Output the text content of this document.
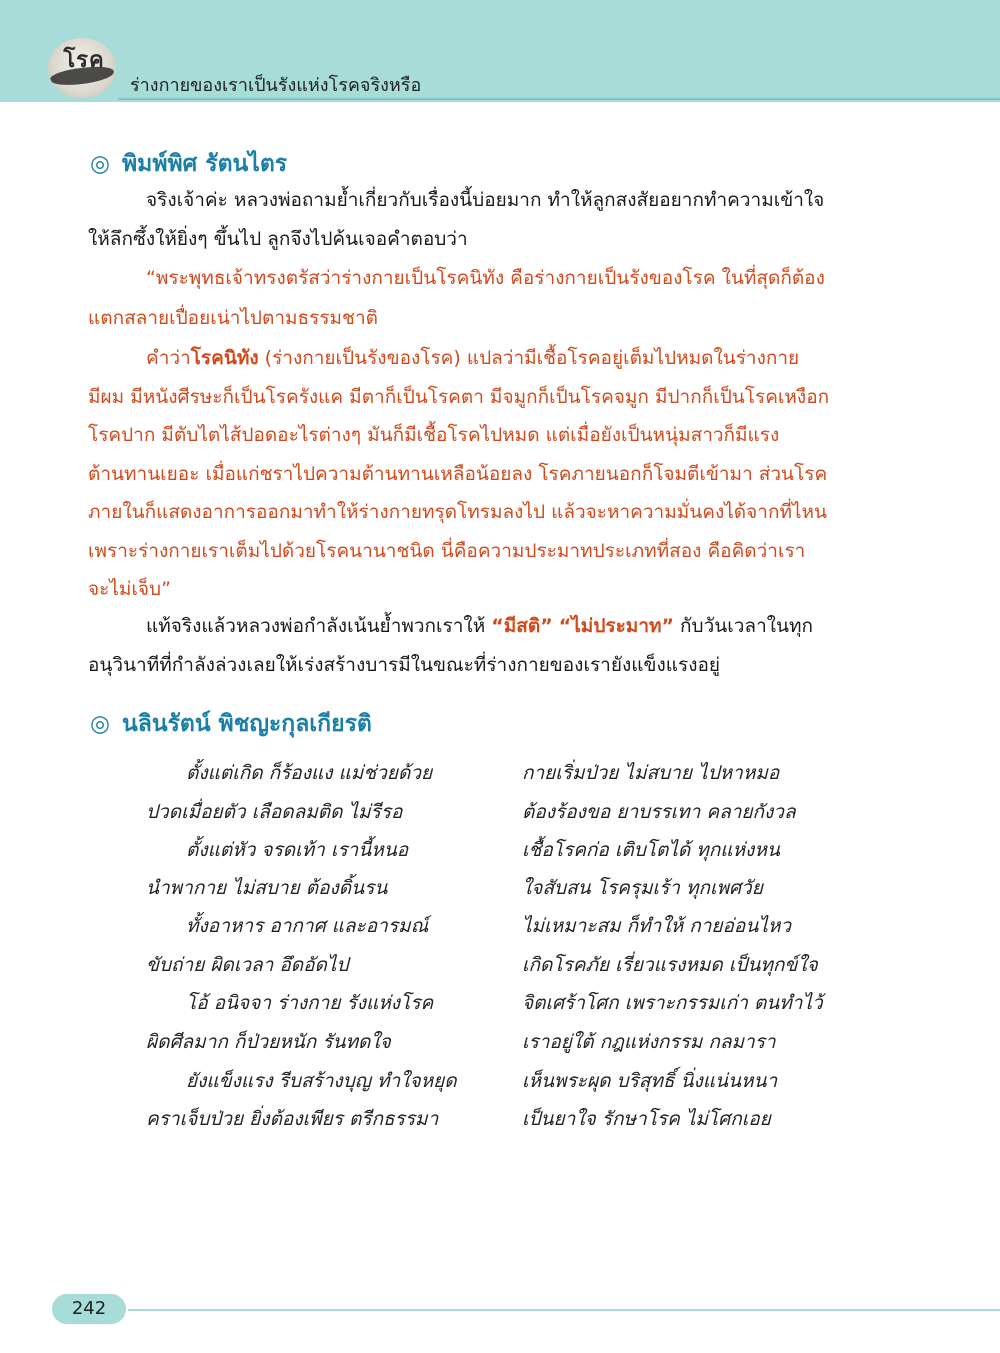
โรค
ร่างกายของเราเป็นรังแห่งโรคจริงหรือ
◎ พิมพ์พิศ รัตนไตร
จริงเจ้าค่ะ หลวงพ่อถามย้ำเกี่ยวกับเรื่องนี้บ่อยมาก ทำให้ลูกสงสัยอยากทำความเข้าใจ
ให้ลึกซึ้งให้ยิ่งๆ ขึ้นไป ลูกจึงไปค้นเจอคำตอบว่า
“พระพุทธเจ้าทรงตรัสว่าร่างกายเป็นโรคนิทัง คือร่างกายเป็นรังของโรค ในที่สุดก็ต้อง
แตกสลายเปื่อยเน่าไปตามธรรมชาติ
คำว่าโรคนิทัง (ร่างกายเป็นรังของโรค) แปลว่ามีเชื้อโรคอยู่เต็มไปหมดในร่างกาย
มีผม มีหนังศีรษะก็เป็นโรครังแค มีตาก็เป็นโรคตา มีจมูกก็เป็นโรคจมูก มีปากก็เป็นโรคเหงือก
โรคปาก มีตับไตไส้ปอดอะไรต่างๆ มันก็มีเชื้อโรคไปหมด แต่เมื่อยังเป็นหนุ่มสาวก็มีแรง
ต้านทานเยอะ เมื่อแก่ชราไปความต้านทานเหลือน้อยลง โรคภายนอกก็โจมตีเข้ามา ส่วนโรค
ภายในก็แสดงอาการออกมาทำให้ร่างกายทรุดโทรมลงไป แล้วจะหาความมั่นคงได้จากที่ไหน
เพราะร่างกายเราเต็มไปด้วยโรคนานาชนิด นี่คือความประมาทประเภทที่สอง คือคิดว่าเรา
จะไม่เจ็บ”
แท้จริงแล้วหลวงพ่อกำลังเน้นย้ำพวกเราให้ “มีสติ” “ไม่ประมาท” กับวันเวลาในทุก
อนุวินาทีที่กำลังล่วงเลยให้เร่งสร้างบารมีในขณะที่ร่างกายของเรายังแข็งแรงอยู่
◎ นลินรัตน์ พิชญะกุลเกียรติ
ตั้งแต่เกิด ก็ร้องแง แม่ช่วยด้วย	กายเริ่มป่วย ไม่สบาย ไปหาหมอ
ปวดเมื่อยตัว เลือดลมติด ไม่รีรอ	ต้องร้องขอ ยาบรรเทา คลายกังวล
ตั้งแต่หัว จรดเท้า เรานี้หนอ	เชื้อโรคก่อ เติบโตได้ ทุกแห่งหน
นำพากาย ไม่สบาย ต้องดิ้นรน	ใจสับสน โรครุมเร้า ทุกเพศวัย
ทั้งอาหาร อากาศ และอารมณ์	ไม่เหมาะสม ก็ทำให้ กายอ่อนไหว
ขับถ่าย ผิดเวลา อึดอัดไป	เกิดโรคภัย เรี่ยวแรงหมด เป็นทุกข์ใจ
โอ้ อนิจจา ร่างกาย รังแห่งโรค	จิตเศร้าโศก เพราะกรรมเก่า ตนทำไว้
ผิดศีลมาก ก็ป่วยหนัก รันทดใจ	เราอยู่ใต้ กฎแห่งกรรม กลมารา
ยังแข็งแรง รีบสร้างบุญ ทำใจหยุด	เห็นพระผุด บริสุทธิ์ นิ่งแน่นหนา
คราเจ็บป่วย ยิ่งต้องเพียร ตรีกธรรมา	เป็นยาใจ รักษาโรค ไม่โศกเอย
242
